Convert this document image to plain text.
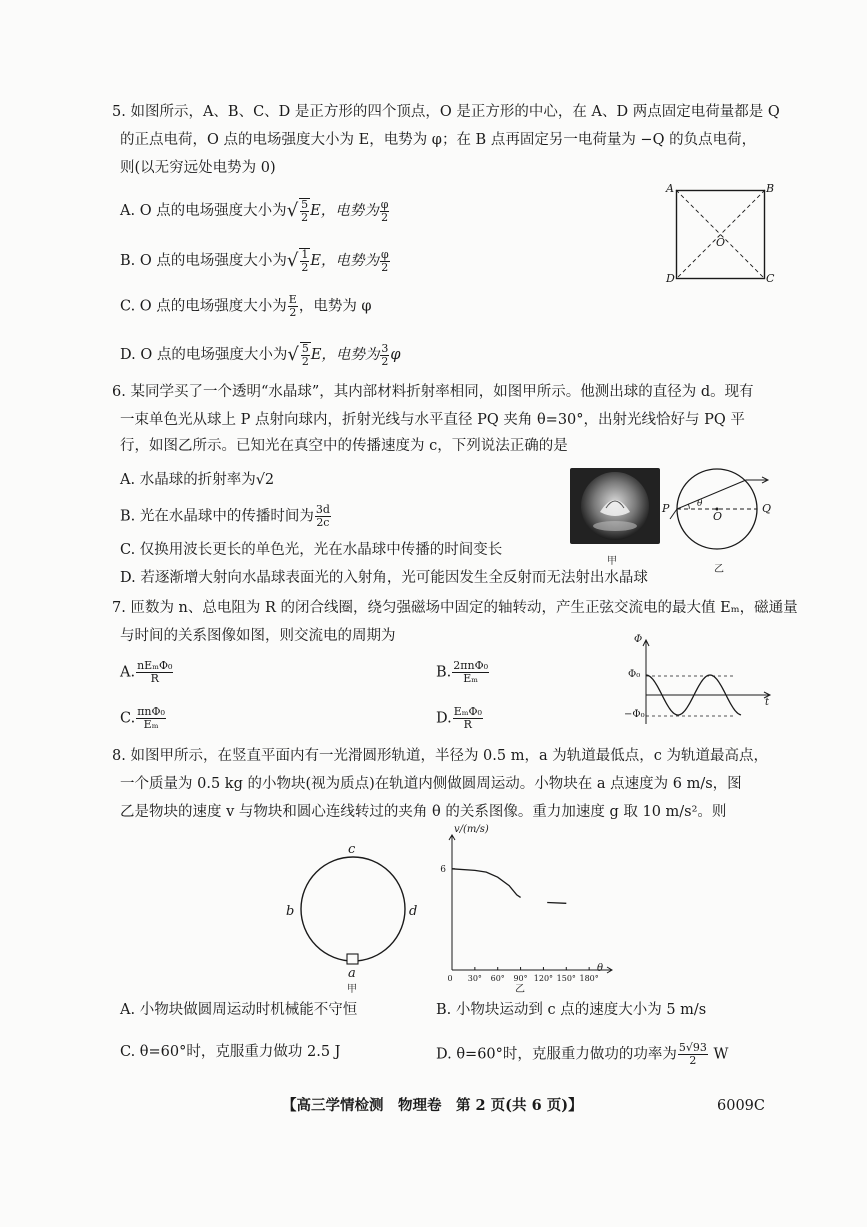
5. 如图所示，A、B、C、D 是正方形的四个顶点，O 是正方形的中心，在 A、D 两点固定电荷量都是 Q
的正点电荷，O 点的电场强度大小为 E，电势为 φ；在 B 点再固定另一电荷量为 −Q 的负点电荷，
则(以无穷远处电势为 0)
A. O 点的电场强度大小为√ $\frac{5}{2}$ E，电势为 $\frac{\varphi}{2}$
B. O 点的电场强度大小为√ $\frac{1}{2}$ E，电势为 $\frac{\varphi}{2}$
C. O 点的电场强度大小为 $\frac{E}{2}$ ，电势为 φ
D. O 点的电场强度大小为√ $\frac{5}{2}$ E，电势为 $\frac{3}{2}$ φ
A	B
C
D
O
6. 某同学买了一个透明“水晶球”，其内部材料折射率相同，如图甲所示。他测出球的直径为 d。现有
一束单色光从球上 P 点射向球内，折射光线与水平直径 PQ 夹角 θ=30°，出射光线恰好与 PQ 平
行，如图乙所示。已知光在真空中的传播速度为 c，下列说法正确的是
A. 水晶球的折射率为√2
B. 光在水晶球中的传播时间为 $\frac{3d}{2c}$
C. 仅换用波长更长的单色光，光在水晶球中传播的时间变长
D. 若逐渐增大射向水晶球表面光的入射角，光可能因发生全反射而无法射出水晶球
甲
P	θ
O
Q
乙
7. 匝数为 n、总电阻为 R 的闭合线圈，绕匀强磁场中固定的轴转动，产生正弦交流电的最大值 Eₘ，磁通量
与时间的关系图像如图，则交流电的周期为
A. $\frac{\text{nEₘΦ₀}}{R}$	B. $\frac{\text{2πnΦ₀}}{\text{Eₘ}}$
C. $\frac{\text{πnΦ₀}}{\text{Eₘ}}$	D. $\frac{\text{EₘΦ₀}}{R}$
Φ
Φ₀
−Φ₀
t
8. 如图甲所示，在竖直平面内有一光滑圆形轨道，半径为 0.5 m，a 为轨道最低点，c 为轨道最高点，
一个质量为 0.5 kg 的小物块(视为质点)在轨道内侧做圆周运动。小物块在 a 点速度为 6 m/s，图
乙是物块的速度 v 与物块和圆心连线转过的夹角 θ 的关系图像。重力加速度 g 取 10 m/s²。则
c
b	d
a
甲
0 30° 60° 90° 120° 150° 180°
6
v/(m/s)
θ
乙
A. 小物块做圆周运动时机械能不守恒	B. 小物块运动到 c 点的速度大小为 5 m/s
C. θ=60°时，克服重力做功 2.5 J	D. θ=60°时，克服重力做功的功率为 $\frac{5√93}{2}$ W
【高三学情检测　物理卷　第 2 页(共 6 页)】	6009C
